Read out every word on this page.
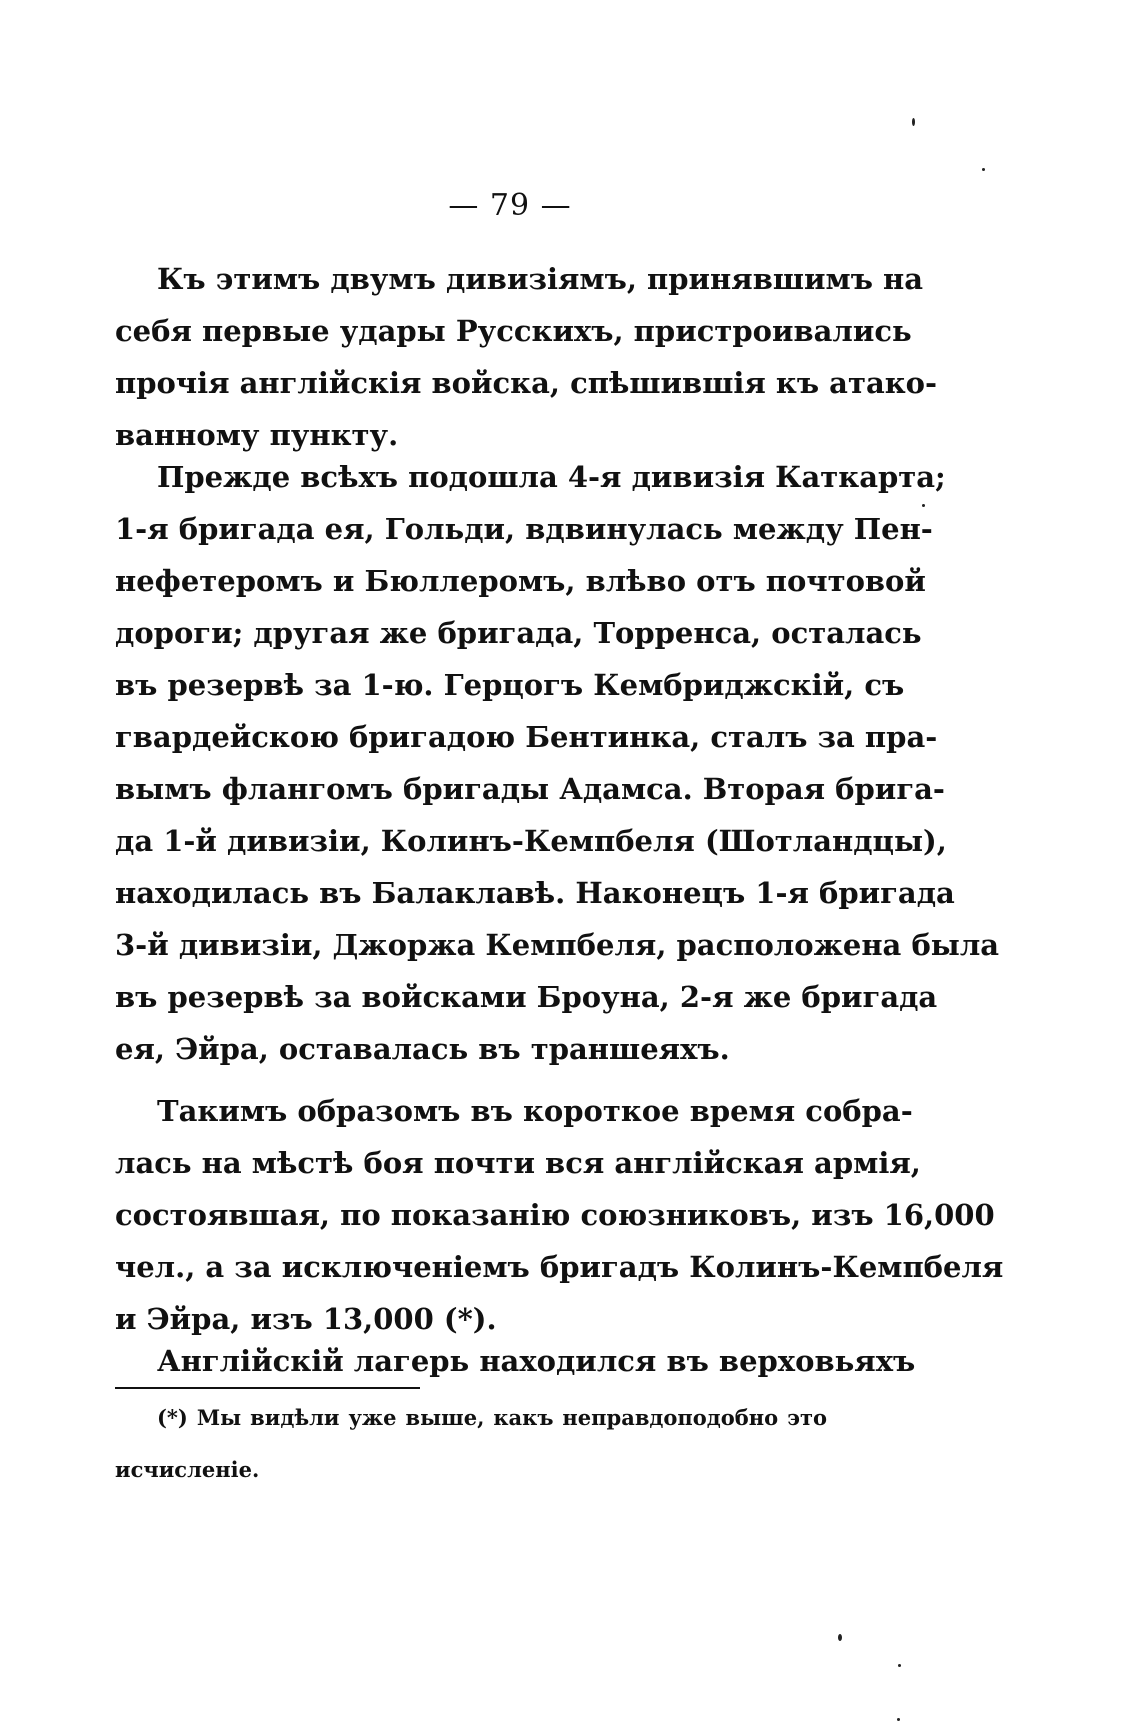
— 79 —
Къ этимъ двумъ дивизіямъ, принявшимъ на
себя первые удары Русскихъ, пристроивались
прочія англійскія войска, спѣшившія къ атако-
ванному пункту.
Прежде всѣхъ подошла 4-я дивизія Каткарта;
1-я бригада ея, Гольди, вдвинулась между Пен-
нефетеромъ и Бюллеромъ, влѣво отъ почтовой
дороги; другая же бригада, Торренса, осталась
въ резервѣ за 1-ю. Герцогъ Кембриджскій, съ
гвардейскою бригадою Бентинка, сталъ за пра-
вымъ флангомъ бригады Адамса. Вторая брига-
да 1-й дивизіи, Колинъ-Кемпбеля (Шотландцы),
находилась въ Балаклавѣ. Наконецъ 1-я бригада
3-й дивизіи, Джоржа Кемпбеля, расположена была
въ резервѣ за войсками Броуна, 2-я же бригада
ея, Эйра, оставалась въ траншеяхъ.
Такимъ образомъ въ короткое время собра-
лась на мѣстѣ боя почти вся англійская армія,
состоявшая, по показанію союзниковъ, изъ 16,000
чел., а за исключеніемъ бригадъ Колинъ-Кемпбеля
и Эйра, изъ 13,000 (*).
Англійскій лагерь находился въ верховьяхъ
(*) Мы видѣли уже выше, какъ неправдоподобно это
исчисленіе.
